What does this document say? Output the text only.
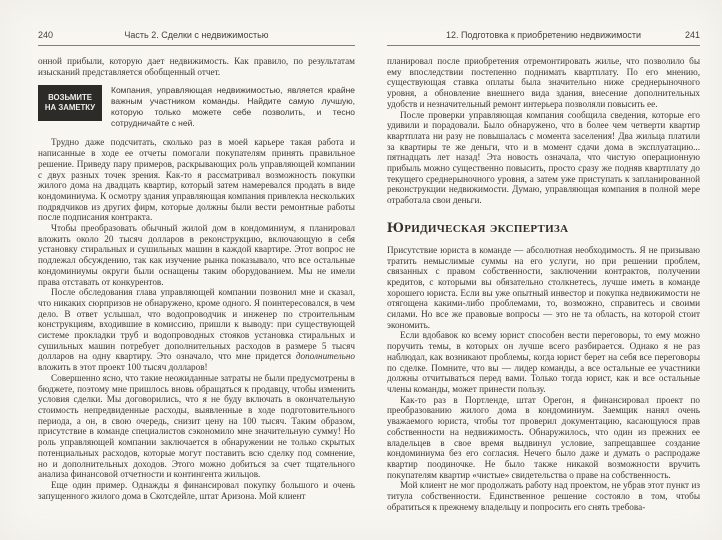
240	Часть 2. Сделки с недвижимостью

онной прибыли, которую дает недвижимость. Как правило, по результатам изысканий представляется обобщенный отчет.

ВОЗЬМИТЕ
НА ЗАМЕТКУ

Компания, управляющая недвижимостью, является крайне важным участником команды. Найдите самую лучшую, которую только можете себе позволить, и тесно сотрудничайте с ней.

Трудно даже подсчитать, сколько раз в моей карьере такая работа и написанные в ходе ее отчеты помогали покупателям принять правильное решение. Приведу пару примеров, раскрывающих роль управляющей компании с двух разных точек зрения. Как-то я рассматривал возможность покупки жилого дома на двадцать квартир, который затем намеревался продать в виде кондоминиума. К осмотру здания управляющая компания привлекла нескольких подрядчиков из других фирм, которые должны были вести ремонтные работы после подписания контракта.

Чтобы преобразовать обычный жилой дом в кондоминиум, я планировал вложить около 20 тысяч долларов в реконструкцию, включающую в себя установку стиральных и сушильных машин в каждой квартире. Этот вопрос не подлежал обсуждению, так как изучение рынка показывало, что все остальные кондоминиумы округи были оснащены таким оборудованием. Мы не имели права отставать от конкурентов.

После обследования глава управляющей компании позвонил мне и сказал, что никаких сюрпризов не обнаружено, кроме одного. Я поинтересовался, в чем дело. В ответ услышал, что водопроводчик и инженер по строительным конструкциям, входившие в комиссию, пришли к выводу: при существующей системе прокладки труб и водопроводных стояков установка стиральных и сушильных машин потребует дополнительных расходов в размере 5 тысяч долларов на одну квартиру. Это означало, что мне придется дополнительно вложить в этот проект 100 тысяч долларов!

Совершенно ясно, что такие неожиданные затраты не были предусмотрены в бюджете, поэтому мне пришлось вновь обращаться к продавцу, чтобы изменить условия сделки. Мы договорились, что я не буду включать в окончательную стоимость непредвиденные расходы, выявленные в ходе подготовительного периода, а он, в свою очередь, снизит цену на 100 тысяч. Таким образом, присутствие в команде специалистов сэкономило мне значительную сумму! Но роль управляющей компании заключается в обнаружении не только скрытых потенциальных расходов, которые могут поставить всю сделку под сомнение, но и дополнительных доходов. Этого можно добиться за счет тщательного анализа финансовой отчетности и контингента жильцов.

Еще один пример. Однажды я финансировал покупку большого и очень запущенного жилого дома в Скотсдейле, штат Аризона. Мой клиент

12. Подготовка к приобретению недвижимости	241

планировал после приобретения отремонтировать жилье, что позволило бы ему впоследствии постепенно поднимать квартплату. По его мнению, существующая ставка оплаты была значительно ниже среднерыночного уровня, а обновление внешнего вида здания, внесение дополнительных удобств и незначительный ремонт интерьера позволяли повысить ее.

После проверки управляющая компания сообщила сведения, которые его удивили и порадовали. Было обнаружено, что в более чем четверти квартир квартплата ни разу не повышалась с момента заселения! Два жильца платили за квартиры те же деньги, что и в момент сдачи дома в эксплуатацию... пятнадцать лет назад! Эта новость означала, что чистую операционную прибыль можно существенно повысить, просто сразу же подняв квартплату до текущего среднерыночного уровня, а затем уже приступать к запланированной реконструкции недвижимости. Думаю, управляющая компания в полной мере отработала свои деньги.

Юридическая экспертиза

Присутствие юриста в команде — абсолютная необходимость. Я не призываю тратить немыслимые суммы на его услуги, но при решении проблем, связанных с правом собственности, заключении контрактов, получении кредитов, с которыми вы обязательно столкнетесь, лучше иметь в команде хорошего юриста. Если вы уже опытный инвестор и покупка недвижимости не отягощена какими-либо проблемами, то, возможно, справитесь и своими силами. Но все же правовые вопросы — это не та область, на которой стоит экономить.

Если вдобавок ко всему юрист способен вести переговоры, то ему можно поручить темы, в которых он лучше всего разбирается. Однако я не раз наблюдал, как возникают проблемы, когда юрист берет на себя все переговоры по сделке. Помните, что вы — лидер команды, а все остальные ее участники должны отчитываться перед вами. Только тогда юрист, как и все остальные члены команды, может принести пользу.

Как-то раз в Портленде, штат Орегон, я финансировал проект по преобразованию жилого дома в кондоминиум. Заемщик нанял очень уважаемого юриста, чтобы тот проверил документацию, касающуюся прав собственности на недвижимость. Обнаружилось, что один из прежних ее владельцев в свое время выдвинул условие, запрещавшее создание кондоминиума без его согласия. Нечего было даже и думать о распродаже квартир поодиночке. Не было также никакой возможности вручить покупателям квартир «чистые» свидетельства о праве на собственность.

Мой клиент не мог продолжать работу над проектом, не убрав этот пункт из титула собственности. Единственное решение состояло в том, чтобы обратиться к прежнему владельцу и попросить его снять требова-
